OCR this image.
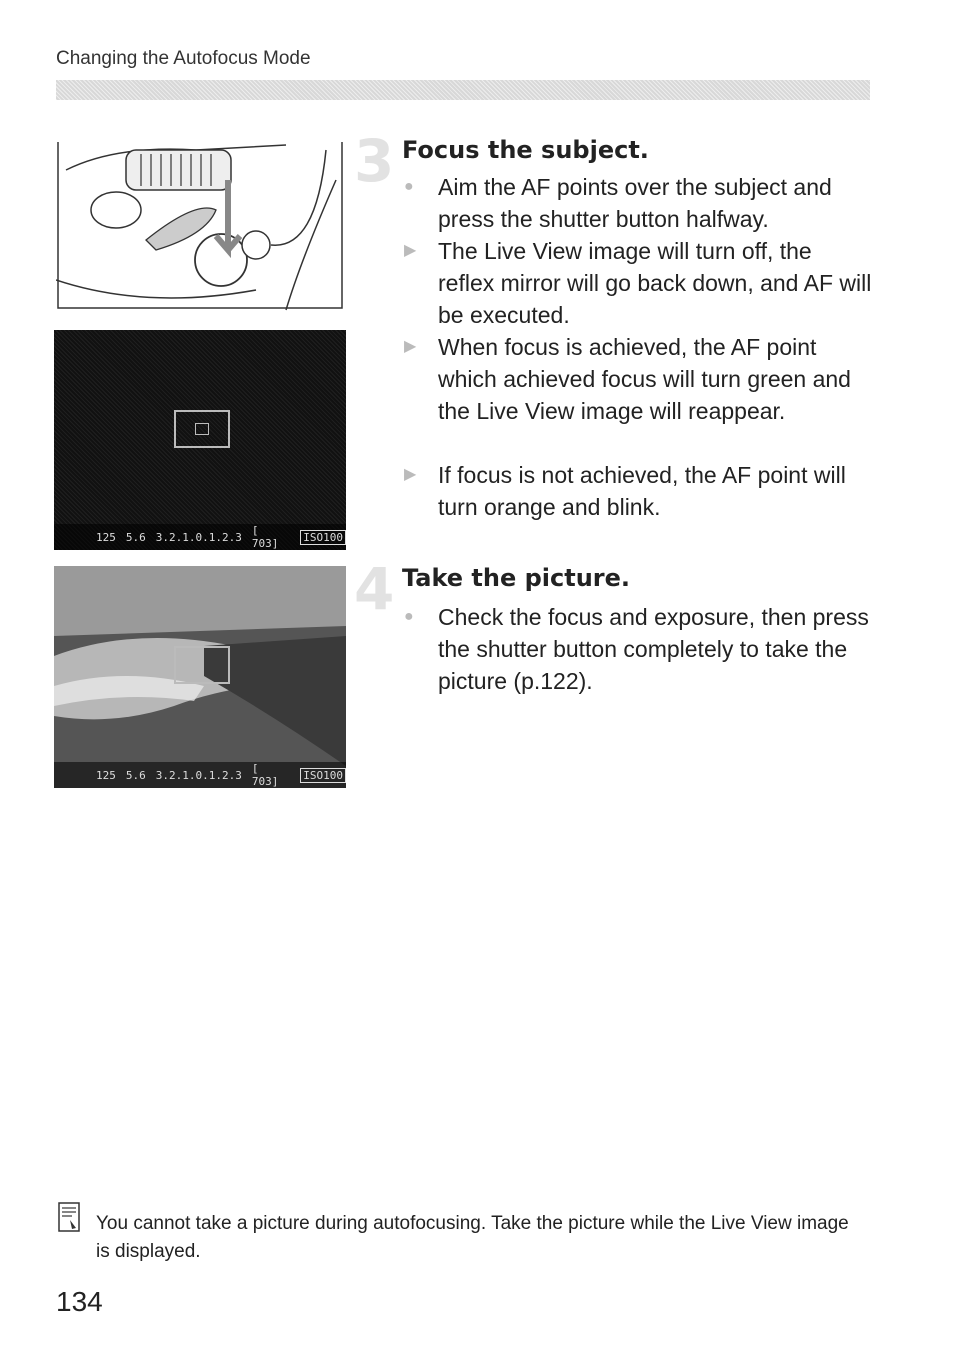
Changing the Autofocus Mode
125 5.6 3.2.1.0.1.2.3 [ 703]	ISO100
125 5.6 3.2.1.0.1.2.3 [ 703]	ISO100
3 Focus the subject.
●	Aim the AF points over the subject and press the shutter button halfway.
▶ The Live View image will turn off, the reflex mirror will go back down, and AF will be executed.
▶ When focus is achieved, the AF point which achieved focus will turn green and the Live View image will reappear.
▶ If focus is not achieved, the AF point will turn orange and blink.
4 Take the picture.
●	Check the focus and exposure, then press the shutter button completely to take the picture (p.122).
You cannot take a picture during autofocusing. Take the picture while the Live View image is displayed.
134
